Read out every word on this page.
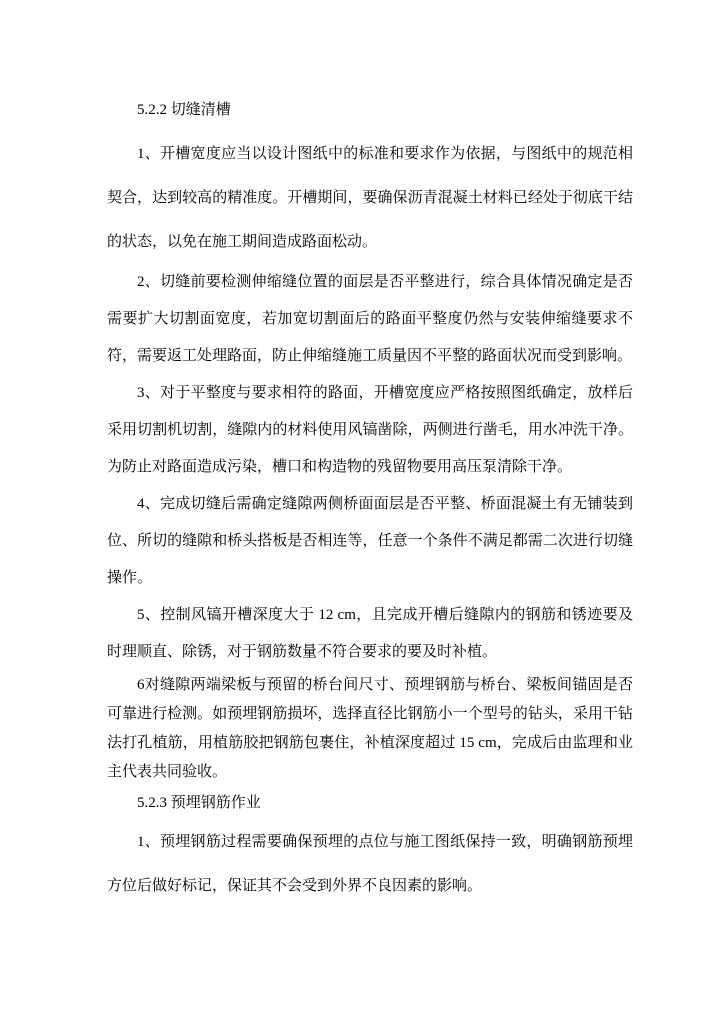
5.2.2 切缝清槽

1、开槽宽度应当以设计图纸中的标准和要求作为依据，与图纸中的规范相契合，达到较高的精准度。开槽期间，要确保沥青混凝土材料已经处于彻底干结的状态，以免在施工期间造成路面松动。

2、切缝前要检测伸缩缝位置的面层是否平整进行，综合具体情况确定是否需要扩大切割面宽度，若加宽切割面后的路面平整度仍然与安装伸缩缝要求不符，需要返工处理路面，防止伸缩缝施工质量因不平整的路面状况而受到影响。

3、对于平整度与要求相符的路面，开槽宽度应严格按照图纸确定，放样后采用切割机切割，缝隙内的材料使用风镐凿除，两侧进行凿毛，用水冲洗干净。为防止对路面造成污染，槽口和构造物的残留物要用高压泵清除干净。

4、完成切缝后需确定缝隙两侧桥面面层是否平整、桥面混凝土有无铺装到位、所切的缝隙和桥头搭板是否相连等，任意一个条件不满足都需二次进行切缝操作。

5、控制风镐开槽深度大于 12 cm，且完成开槽后缝隙内的钢筋和锈迹要及时理顺直、除锈，对于钢筋数量不符合要求的要及时补植。

6对缝隙两端梁板与预留的桥台间尺寸、预埋钢筋与桥台、梁板间锚固是否可靠进行检测。如预埋钢筋损坏，选择直径比钢筋小一个型号的钻头，采用干钻法打孔植筋，用植筋胶把钢筋包裹住，补植深度超过 15 cm，完成后由监理和业主代表共同验收。

5.2.3 预埋钢筋作业

1、预埋钢筋过程需要确保预埋的点位与施工图纸保持一致，明确钢筋预埋方位后做好标记，保证其不会受到外界不良因素的影响。
